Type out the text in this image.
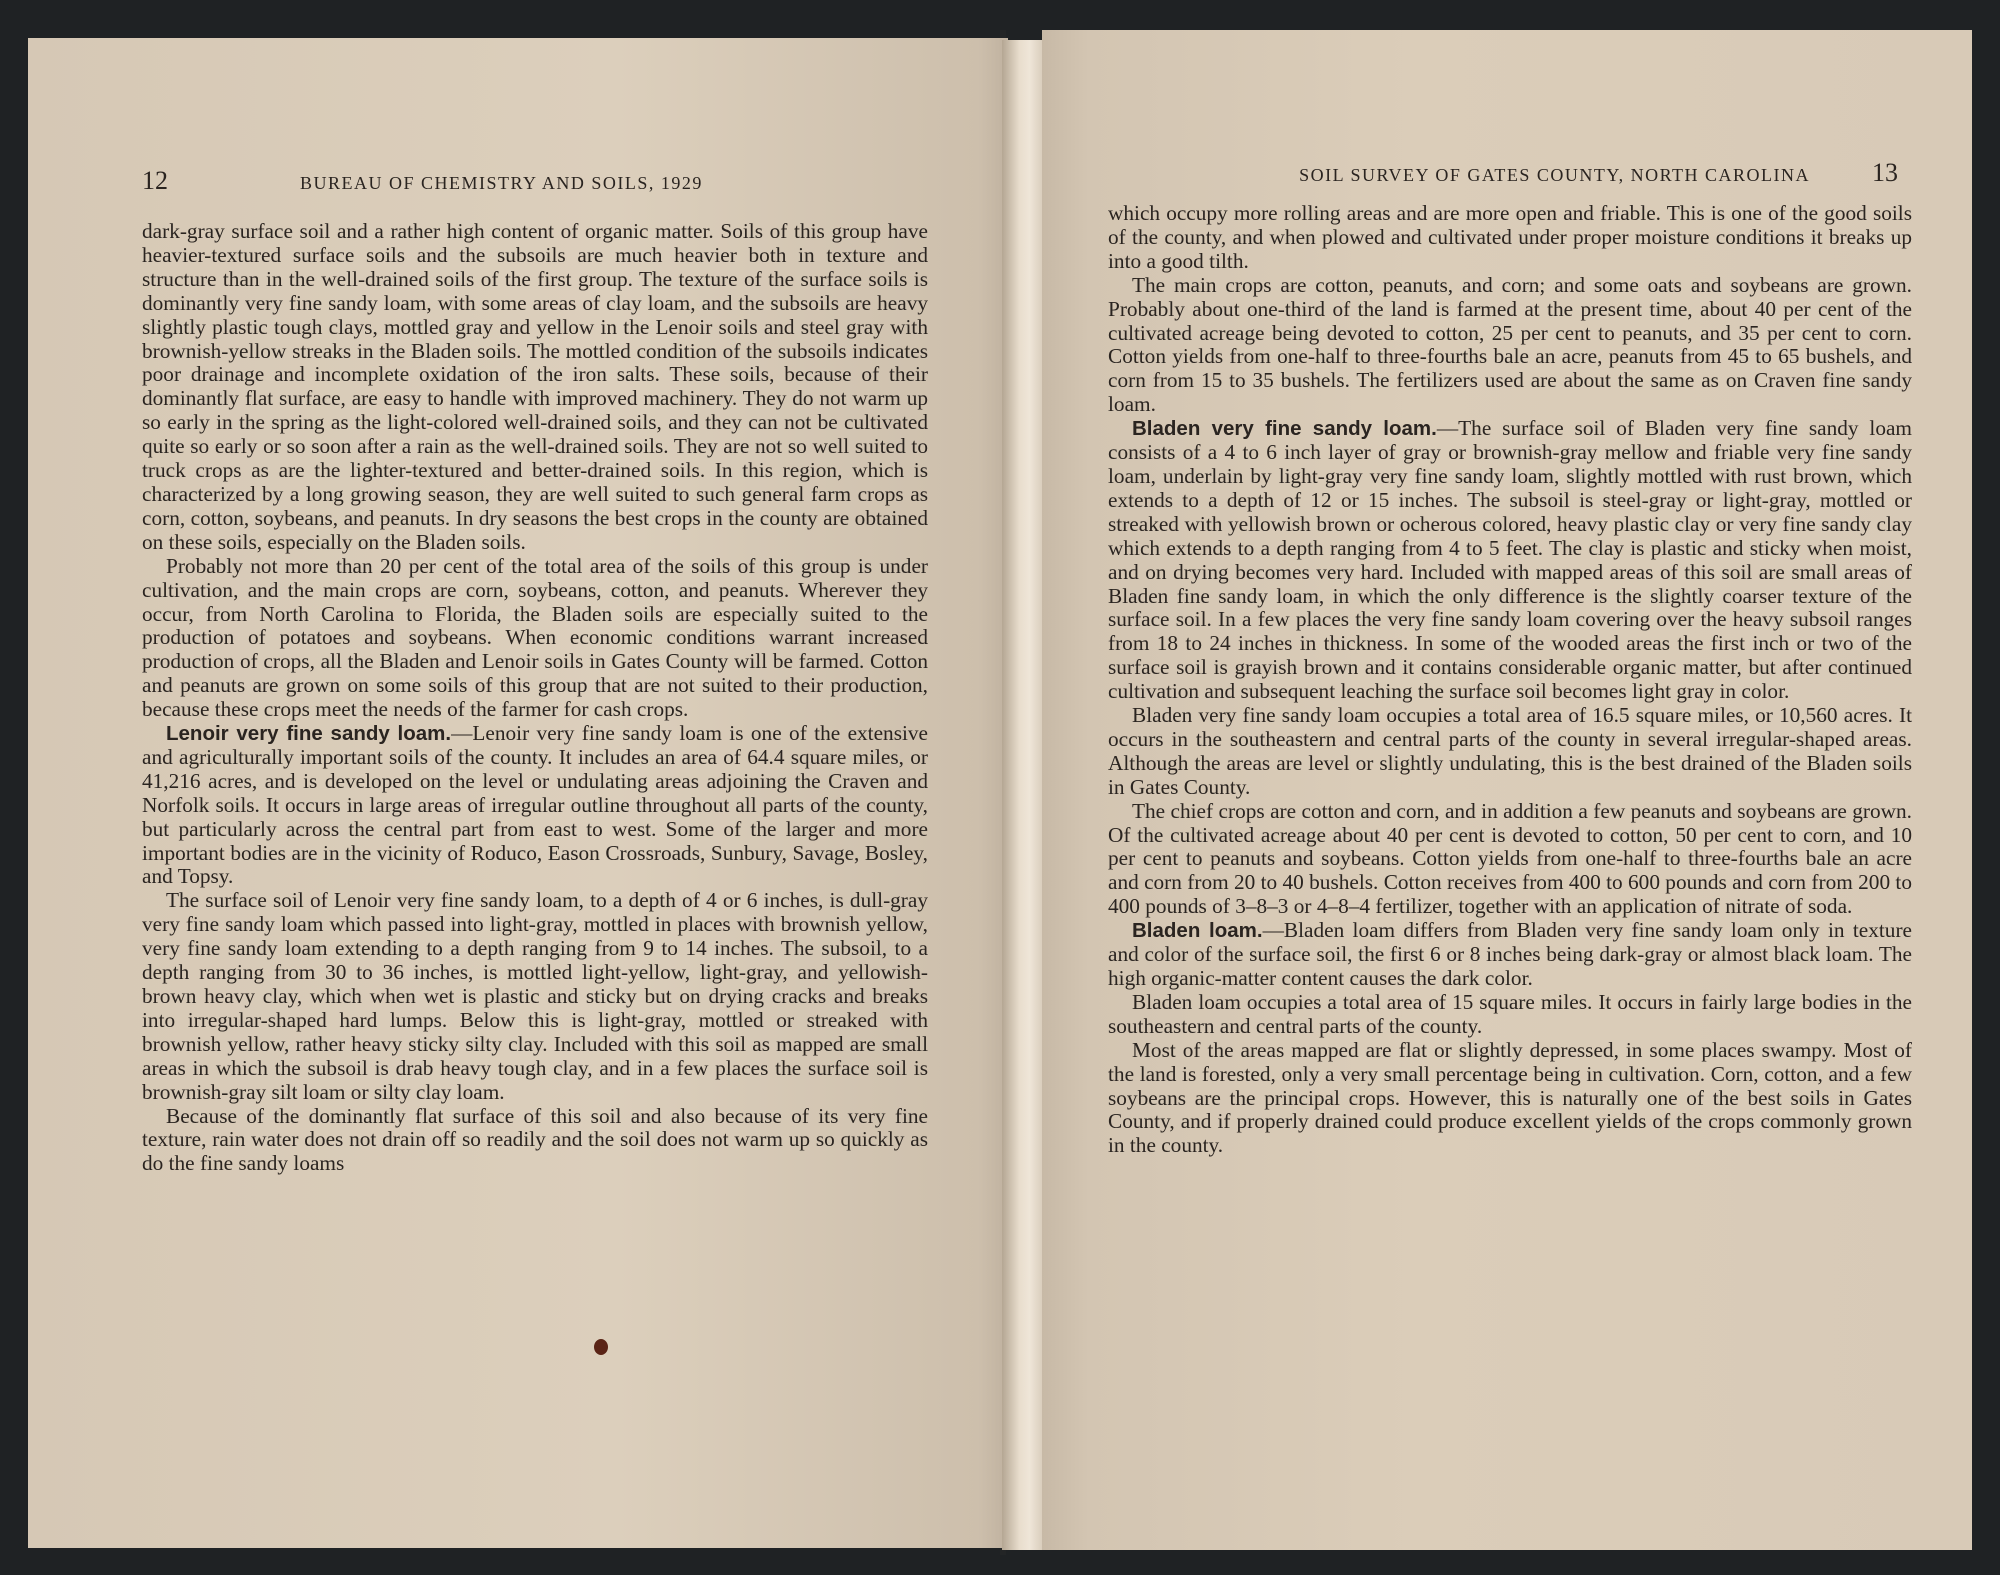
12	BUREAU OF CHEMISTRY AND SOILS, 1929

dark-gray surface soil and a rather high content of organic matter. Soils of this group have heavier-textured surface soils and the subsoils are much heavier both in texture and structure than in the well-drained soils of the first group. The texture of the surface soils is dominantly very fine sandy loam, with some areas of clay loam, and the subsoils are heavy slightly plastic tough clays, mottled gray and yellow in the Lenoir soils and steel gray with brownish-yellow streaks in the Bladen soils. The mottled condition of the subsoils indicates poor drainage and incomplete oxidation of the iron salts. These soils, because of their dominantly flat surface, are easy to handle with improved machinery. They do not warm up so early in the spring as the light-colored well-drained soils, and they can not be cultivated quite so early or so soon after a rain as the well-drained soils. They are not so well suited to truck crops as are the lighter-textured and better-drained soils. In this region, which is characterized by a long growing season, they are well suited to such general farm crops as corn, cotton, soybeans, and peanuts. In dry seasons the best crops in the county are obtained on these soils, especially on the Bladen soils.

Probably not more than 20 per cent of the total area of the soils of this group is under cultivation, and the main crops are corn, soybeans, cotton, and peanuts. Wherever they occur, from North Carolina to Florida, the Bladen soils are especially suited to the production of potatoes and soybeans. When economic conditions warrant increased production of crops, all the Bladen and Lenoir soils in Gates County will be farmed. Cotton and peanuts are grown on some soils of this group that are not suited to their production, because these crops meet the needs of the farmer for cash crops.

Lenoir very fine sandy loam.—Lenoir very fine sandy loam is one of the extensive and agriculturally important soils of the county. It includes an area of 64.4 square miles, or 41,216 acres, and is developed on the level or undulating areas adjoining the Craven and Norfolk soils. It occurs in large areas of irregular outline throughout all parts of the county, but particularly across the central part from east to west. Some of the larger and more important bodies are in the vicinity of Roduco, Eason Crossroads, Sunbury, Savage, Bosley, and Topsy.

The surface soil of Lenoir very fine sandy loam, to a depth of 4 or 6 inches, is dull-gray very fine sandy loam which passed into light-gray, mottled in places with brownish yellow, very fine sandy loam extending to a depth ranging from 9 to 14 inches. The subsoil, to a depth ranging from 30 to 36 inches, is mottled light-yellow, light-gray, and yellowish-brown heavy clay, which when wet is plastic and sticky but on drying cracks and breaks into irregular-shaped hard lumps. Below this is light-gray, mottled or streaked with brownish yellow, rather heavy sticky silty clay. Included with this soil as mapped are small areas in which the subsoil is drab heavy tough clay, and in a few places the surface soil is brownish-gray silt loam or silty clay loam.

Because of the dominantly flat surface of this soil and also because of its very fine texture, rain water does not drain off so readily and the soil does not warm up so quickly as do the fine sandy loams

SOIL SURVEY OF GATES COUNTY, NORTH CAROLINA 13

which occupy more rolling areas and are more open and friable. This is one of the good soils of the county, and when plowed and cultivated under proper moisture conditions it breaks up into a good tilth.

The main crops are cotton, peanuts, and corn; and some oats and soybeans are grown. Probably about one-third of the land is farmed at the present time, about 40 per cent of the cultivated acreage being devoted to cotton, 25 per cent to peanuts, and 35 per cent to corn. Cotton yields from one-half to three-fourths bale an acre, peanuts from 45 to 65 bushels, and corn from 15 to 35 bushels. The fertilizers used are about the same as on Craven fine sandy loam.

Bladen very fine sandy loam.—The surface soil of Bladen very fine sandy loam consists of a 4 to 6 inch layer of gray or brownish-gray mellow and friable very fine sandy loam, underlain by light-gray very fine sandy loam, slightly mottled with rust brown, which extends to a depth of 12 or 15 inches. The subsoil is steel-gray or light-gray, mottled or streaked with yellowish brown or ocherous colored, heavy plastic clay or very fine sandy clay which extends to a depth ranging from 4 to 5 feet. The clay is plastic and sticky when moist, and on drying becomes very hard. Included with mapped areas of this soil are small areas of Bladen fine sandy loam, in which the only difference is the slightly coarser texture of the surface soil. In a few places the very fine sandy loam covering over the heavy subsoil ranges from 18 to 24 inches in thickness. In some of the wooded areas the first inch or two of the surface soil is grayish brown and it contains considerable organic matter, but after continued cultivation and subsequent leaching the surface soil becomes light gray in color.

Bladen very fine sandy loam occupies a total area of 16.5 square miles, or 10,560 acres. It occurs in the southeastern and central parts of the county in several irregular-shaped areas. Although the areas are level or slightly undulating, this is the best drained of the Bladen soils in Gates County.

The chief crops are cotton and corn, and in addition a few peanuts and soybeans are grown. Of the cultivated acreage about 40 per cent is devoted to cotton, 50 per cent to corn, and 10 per cent to peanuts and soybeans. Cotton yields from one-half to three-fourths bale an acre and corn from 20 to 40 bushels. Cotton receives from 400 to 600 pounds and corn from 200 to 400 pounds of 3–8–3 or 4–8–4 fertilizer, together with an application of nitrate of soda.

Bladen loam.—Bladen loam differs from Bladen very fine sandy loam only in texture and color of the surface soil, the first 6 or 8 inches being dark-gray or almost black loam. The high organic-matter content causes the dark color.

Bladen loam occupies a total area of 15 square miles. It occurs in fairly large bodies in the southeastern and central parts of the county.

Most of the areas mapped are flat or slightly depressed, in some places swampy. Most of the land is forested, only a very small percentage being in cultivation. Corn, cotton, and a few soybeans are the principal crops. However, this is naturally one of the best soils in Gates County, and if properly drained could produce excellent yields of the crops commonly grown in the county.
